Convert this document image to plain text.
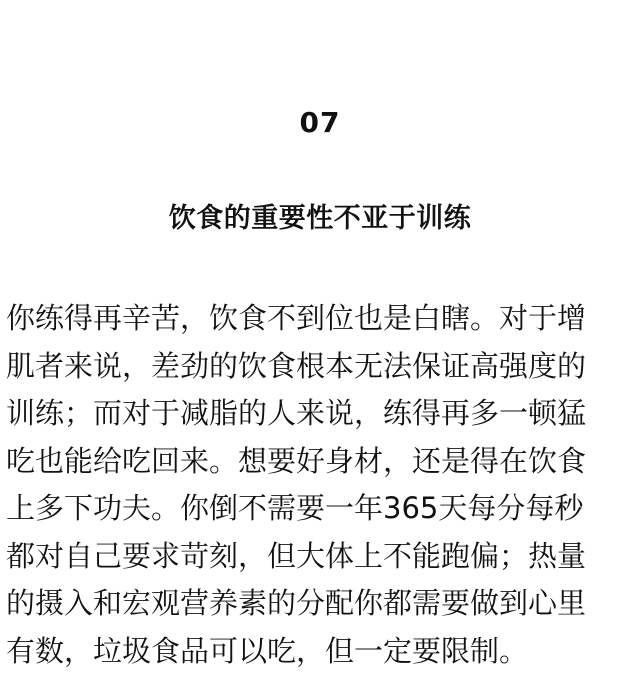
07
饮食的重要性不亚于训练

你练得再辛苦，饮食不到位也是白瞎。对于增
肌者来说，差劲的饮食根本无法保证高强度的
训练；而对于减脂的人来说，练得再多一顿猛
吃也能给吃回来。想要好身材，还是得在饮食
上多下功夫。你倒不需要一年365天每分每秒
都对自己要求苛刻，但大体上不能跑偏；热量
的摄入和宏观营养素的分配你都需要做到心里
有数，垃圾食品可以吃，但一定要限制。
